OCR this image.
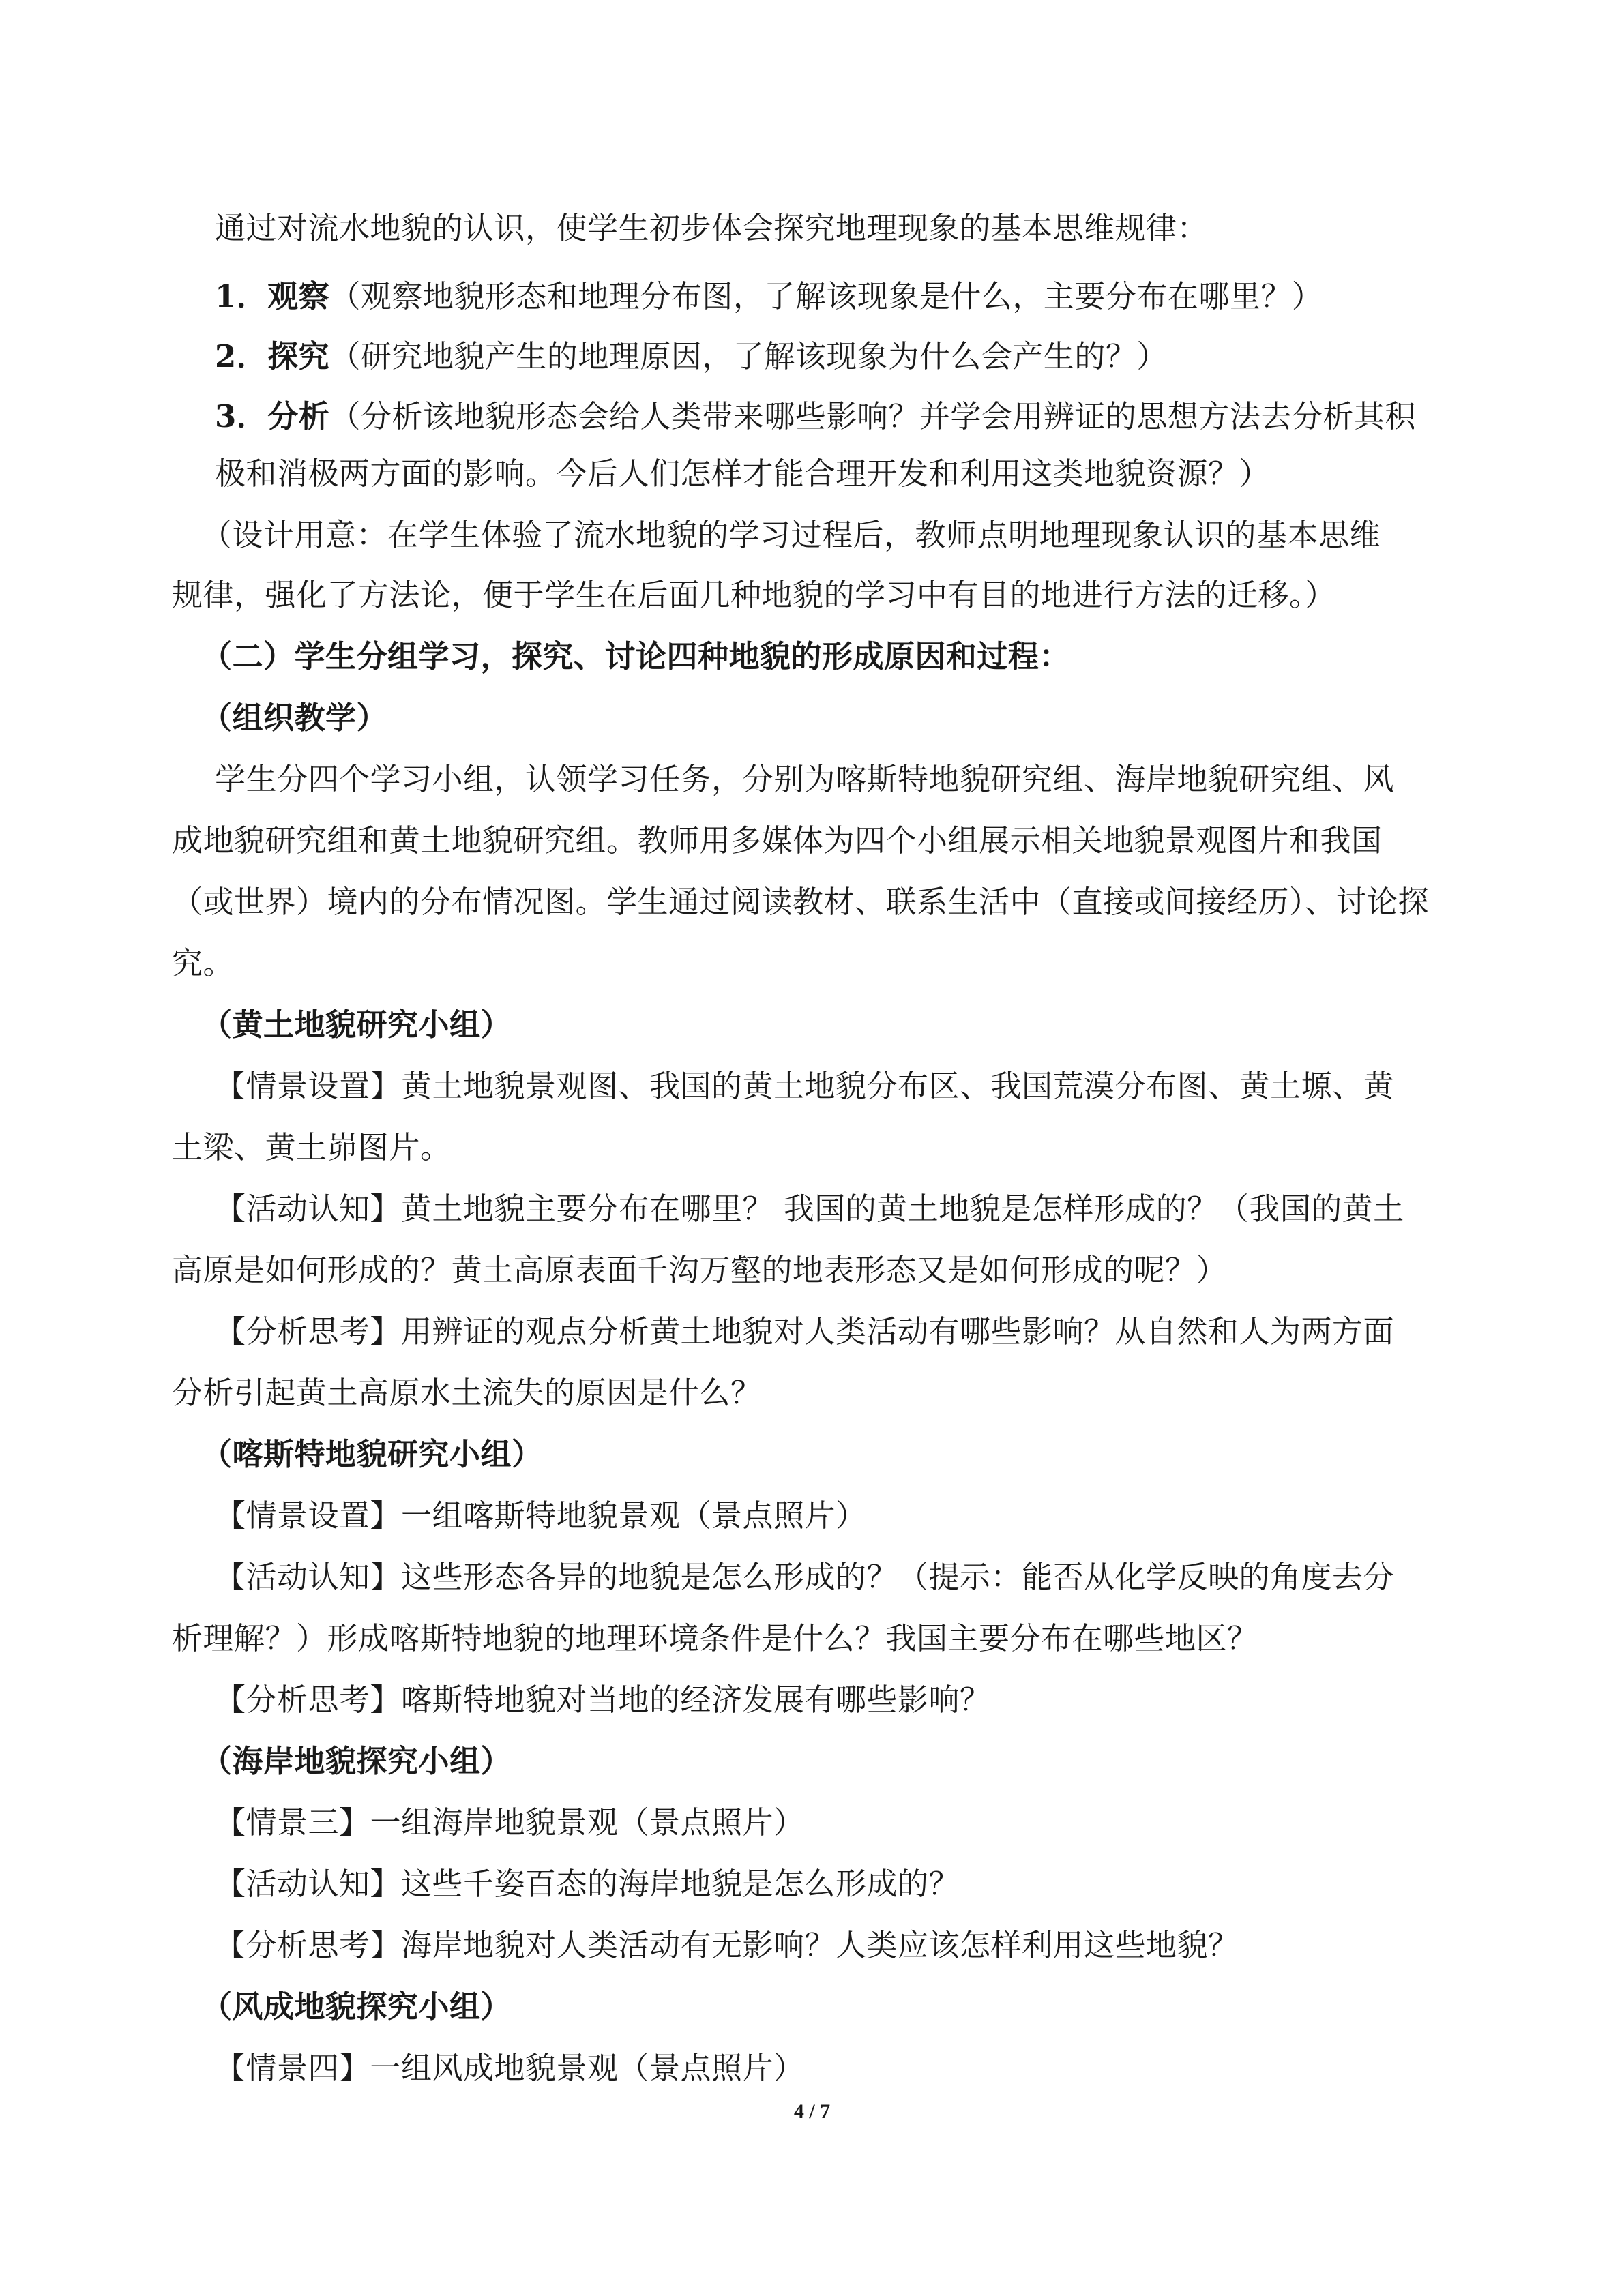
通过对流水地貌的认识，使学生初步体会探究地理现象的基本思维规律：
1．观察（观察地貌形态和地理分布图，了解该现象是什么，主要分布在哪里？）
2．探究（研究地貌产生的地理原因，了解该现象为什么会产生的？）
3．分析（分析该地貌形态会给人类带来哪些影响？并学会用辨证的思想方法去分析其积
极和消极两方面的影响。今后人们怎样才能合理开发和利用这类地貌资源？）
（设计用意：在学生体验了流水地貌的学习过程后，教师点明地理现象认识的基本思维
规律，强化了方法论，便于学生在后面几种地貌的学习中有目的地进行方法的迁移。）
（二）学生分组学习，探究、讨论四种地貌的形成原因和过程：
（组织教学）
学生分四个学习小组，认领学习任务，分别为喀斯特地貌研究组、海岸地貌研究组、风
成地貌研究组和黄土地貌研究组。教师用多媒体为四个小组展示相关地貌景观图片和我国
（或世界）境内的分布情况图。学生通过阅读教材、联系生活中（直接或间接经历）、讨论探
究。
（黄土地貌研究小组）
【情景设置】黄土地貌景观图、我国的黄土地貌分布区、我国荒漠分布图、黄土塬、黄
土梁、黄土峁图片。
【活动认知】黄土地貌主要分布在哪里？ 我国的黄土地貌是怎样形成的？（我国的黄土
高原是如何形成的？黄土高原表面千沟万壑的地表形态又是如何形成的呢？）
【分析思考】用辨证的观点分析黄土地貌对人类活动有哪些影响？从自然和人为两方面
分析引起黄土高原水土流失的原因是什么？
（喀斯特地貌研究小组）
【情景设置】一组喀斯特地貌景观（景点照片）
【活动认知】这些形态各异的地貌是怎么形成的？（提示：能否从化学反映的角度去分
析理解？）形成喀斯特地貌的地理环境条件是什么？我国主要分布在哪些地区？
【分析思考】喀斯特地貌对当地的经济发展有哪些影响？
（海岸地貌探究小组）
【情景三】一组海岸地貌景观（景点照片）
【活动认知】这些千姿百态的海岸地貌是怎么形成的？
【分析思考】海岸地貌对人类活动有无影响？人类应该怎样利用这些地貌？
（风成地貌探究小组）
【情景四】一组风成地貌景观（景点照片）
4 / 7
